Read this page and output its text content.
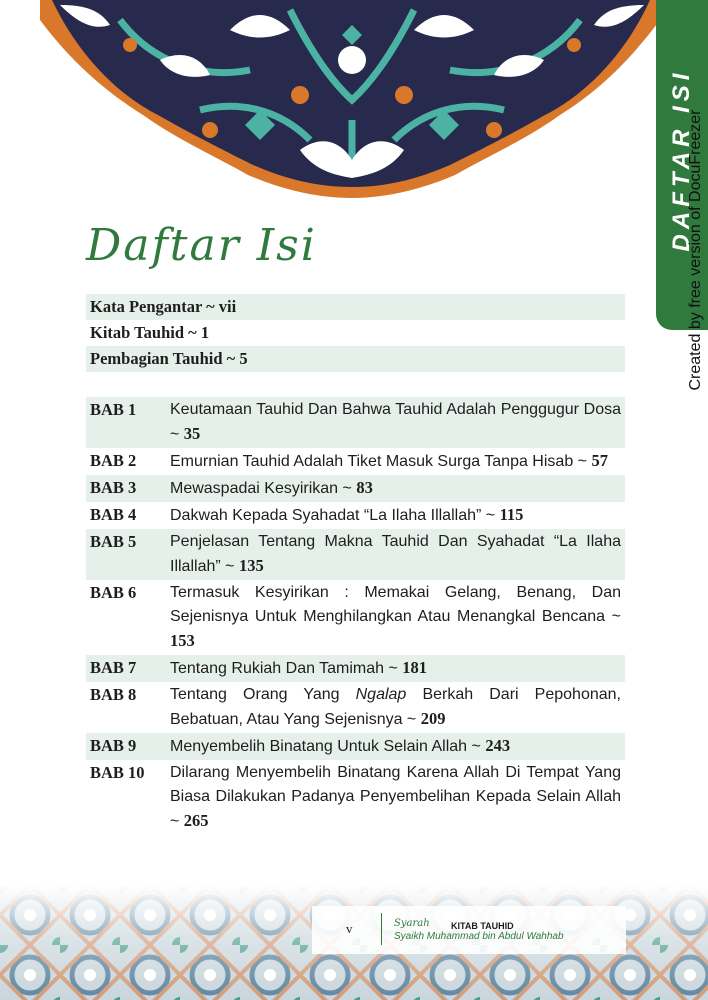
DAFTAR ISI
Created by free version of DocuFreezer
Daftar Isi
Kata Pengantar ~ vii
Kitab Tauhid ~ 1
Pembagian Tauhid ~ 5
BAB 1	Keutamaan Tauhid Dan Bahwa Tauhid Adalah Penggugur Dosa ~ 35
BAB 2	Emurnian Tauhid Adalah Tiket Masuk Surga Tanpa Hisab ~ 57
BAB 3	Mewaspadai Kesyirikan ~ 83
BAB 4	Dakwah Kepada Syahadat “La Ilaha Illallah” ~ 115
BAB 5	Penjelasan Tentang Makna Tauhid Dan Syahadat “La Ilaha Illallah” ~ 135
BAB 6	Termasuk Kesyirikan : Memakai Gelang, Benang, Dan Sejenisnya Untuk Menghilangkan Atau Menangkal Bencana ~ 153
BAB 7	Tentang Rukiah Dan Tamimah ~ 181
BAB 8	Tentang Orang Yang Ngalap Berkah Dari Pepohonan, Bebatuan, Atau Yang Sejenisnya ~ 209
BAB 9	Menyembelih Binatang Untuk Selain Allah ~ 243
BAB 10	Dilarang Menyembelih Binatang Karena Allah Di Tempat Yang Biasa Dilakukan Padanya Penyembelihan Kepada Selain Allah ~ 265
v	Syarah KITAB TAUHID
Syaikh Muhammad bin Abdul Wahhab
